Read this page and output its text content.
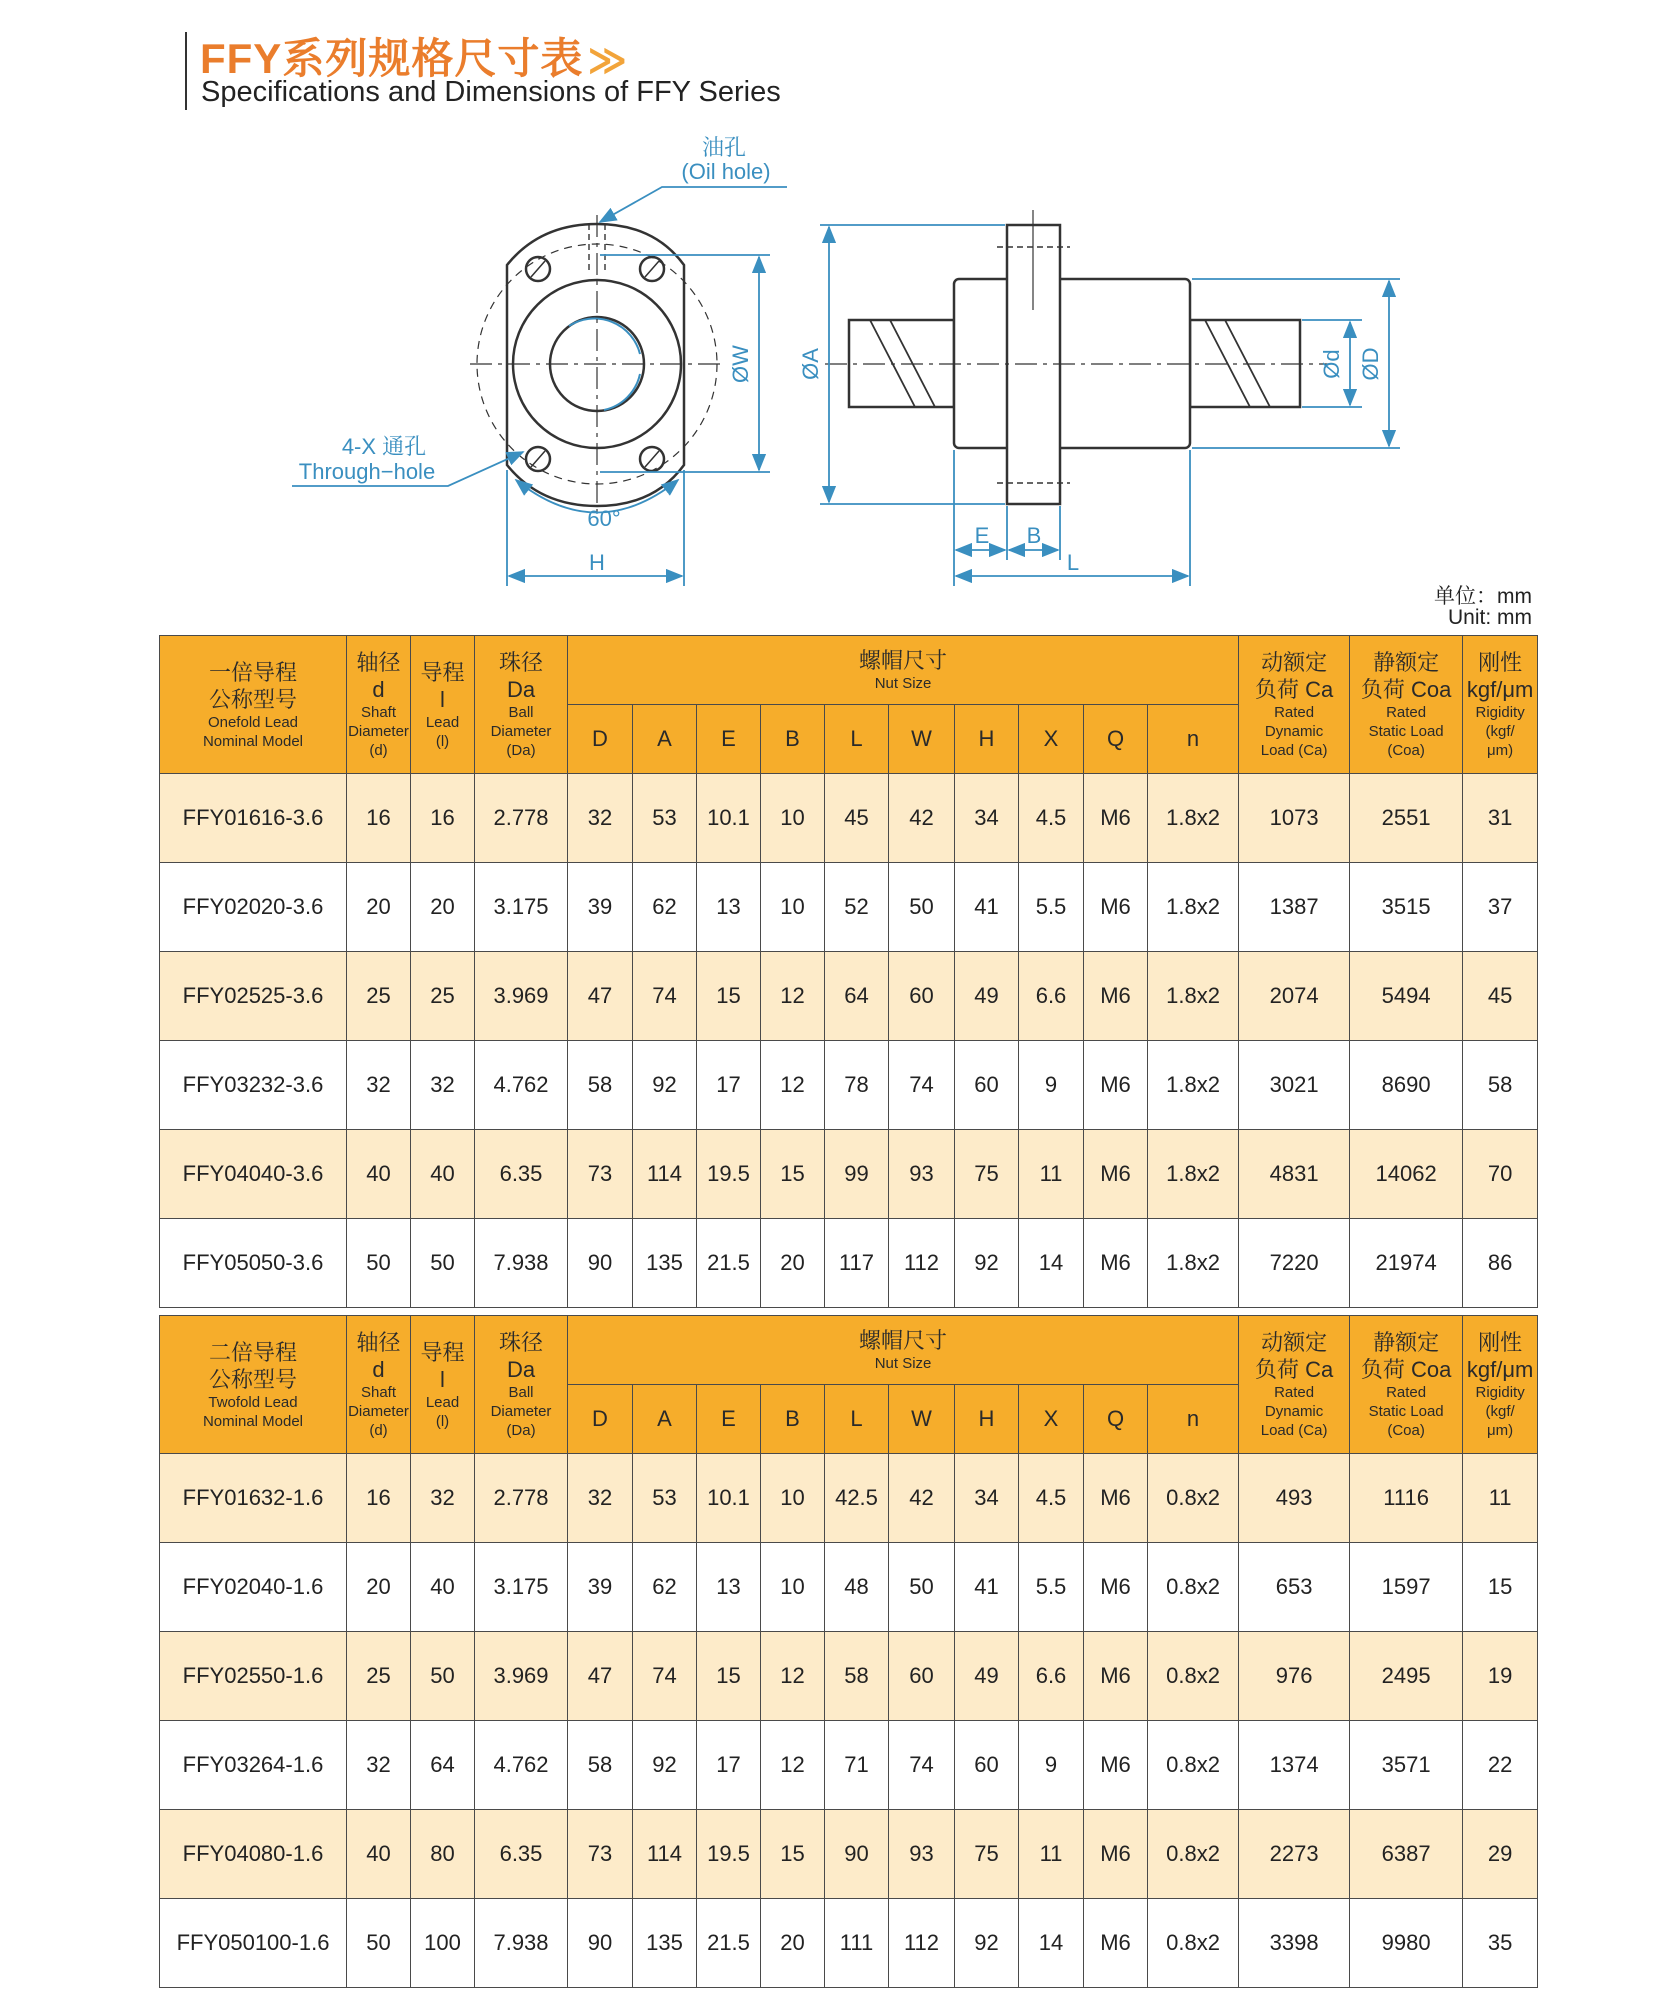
FFY系列规格尺寸表 ≫
Specifications and Dimensions of FFY Series
油孔
(Oil hole)
4-X 通孔
Through−hole
60°
H
ØW ØA	Ød ØD
E B
L
单位：mm
Unit: mm
一倍导程
公称型号
Onefold Lead
Nominal Model	轴径
d
Shaft
Diameter
(d)	导程
l
Lead
(l)	珠径
Da
Ball
Diameter
(Da)	螺帽尺寸
Nut Size										动额定
负荷 Ca
Rated
Dynamic
Load (Ca)	静额定
负荷 Coa
Rated
Static Load
(Coa)	刚性
kgf/μm
Rigidity
(kgf/
μm)

				D	A	E	B	L	W	H	X	Q	n			
FFY01616-3.6	16	16	2.778	32	53	10.1	10	45	42	34	4.5	M6	1.8x2	1073	2551	31
FFY02020-3.6	20	20	3.175	39	62	13	10	52	50	41	5.5	M6	1.8x2	1387	3515	37
FFY02525-3.6	25	25	3.969	47	74	15	12	64	60	49	6.6	M6	1.8x2	2074	5494	45
FFY03232-3.6	32	32	4.762	58	92	17	12	78	74	60	9	M6	1.8x2	3021	8690	58
FFY04040-3.6	40	40	6.35	73	114	19.5	15	99	93	75	11	M6	1.8x2	4831	14062	70
FFY05050-3.6	50	50	7.938	90	135	21.5	20	117	112	92	14	M6	1.8x2	7220	21974	86
二倍导程
公称型号
Twofold Lead
Nominal Model	轴径
d
Shaft
Diameter
(d)	导程
l
Lead
(l)	珠径
Da
Ball
Diameter
(Da)	螺帽尺寸
Nut Size										动额定
负荷 Ca
Rated
Dynamic
Load (Ca)	静额定
负荷 Coa
Rated
Static Load
(Coa)	刚性
kgf/μm
Rigidity
(kgf/
μm)

				D	A	E	B	L	W	H	X	Q	n			
FFY01632-1.6	16	32	2.778	32	53	10.1	10	42.5	42	34	4.5	M6	0.8x2	493	1116	11
FFY02040-1.6	20	40	3.175	39	62	13	10	48	50	41	5.5	M6	0.8x2	653	1597	15
FFY02550-1.6	25	50	3.969	47	74	15	12	58	60	49	6.6	M6	0.8x2	976	2495	19
FFY03264-1.6	32	64	4.762	58	92	17	12	71	74	60	9	M6	0.8x2	1374	3571	22
FFY04080-1.6	40	80	6.35	73	114	19.5	15	90	93	75	11	M6	0.8x2	2273	6387	29
FFY050100-1.6	50	100	7.938	90	135	21.5	20	111	112	92	14	M6	0.8x2	3398	9980	35
